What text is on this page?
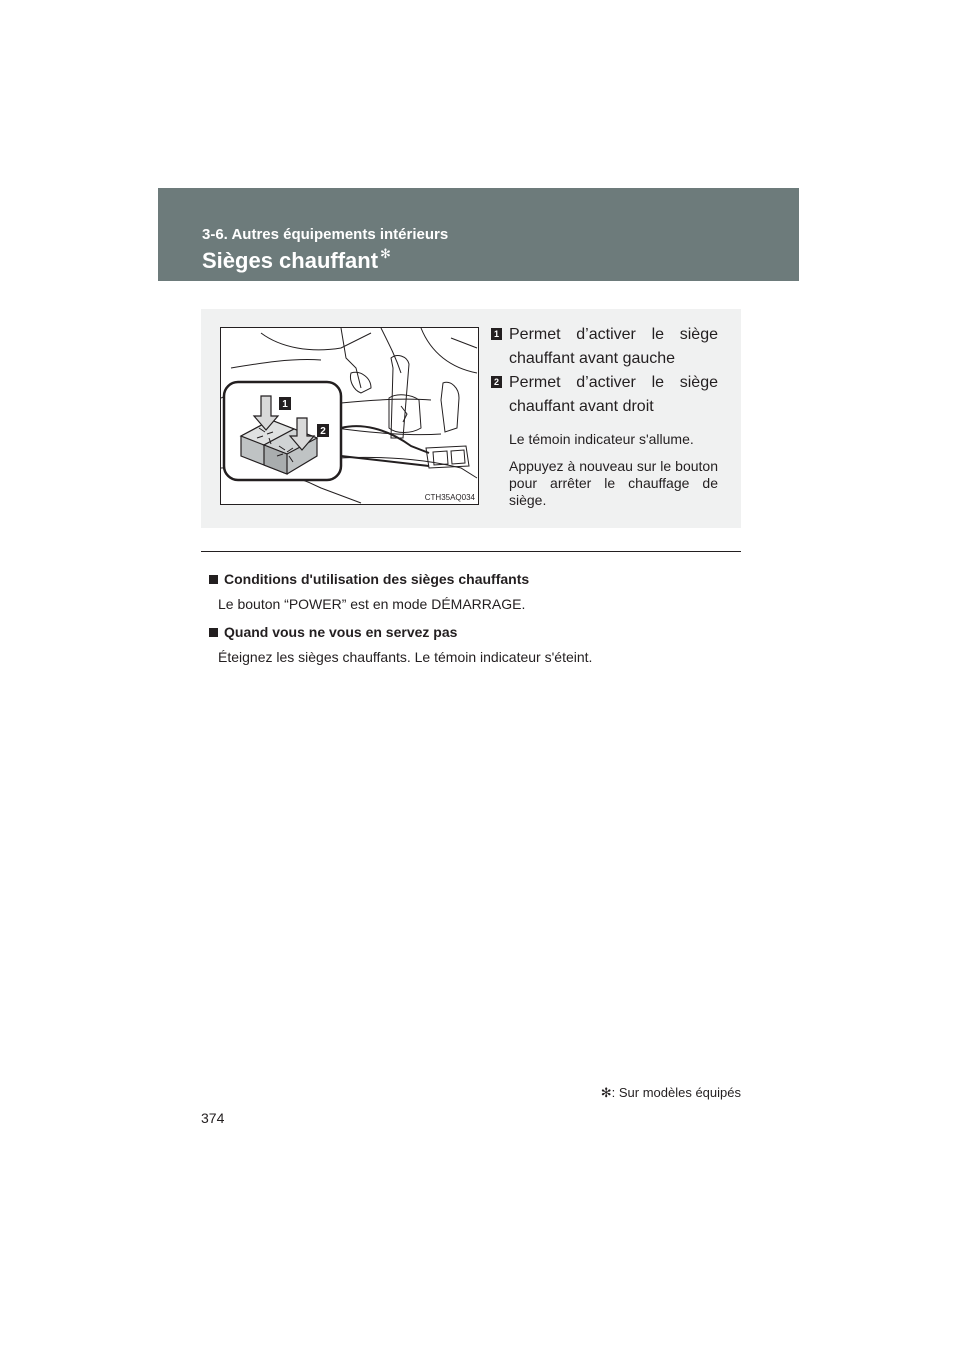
3-6. Autres équipements intérieurs
Sièges chauffant ✻
1
2
CTH35AQ034
1 Permet d’activer le siège chauffant avant gauche
2 Permet d’activer le siège chauffant avant droit
Le témoin indicateur s'allume.
Appuyez à nouveau sur le bouton pour arrêter le chauffage de siège.
Conditions d'utilisation des sièges chauffants
Le bouton “POWER” est en mode DÉMARRAGE.
Quand vous ne vous en servez pas
Éteignez les sièges chauffants. Le témoin indicateur s'éteint.
✻: Sur modèles équipés
374
